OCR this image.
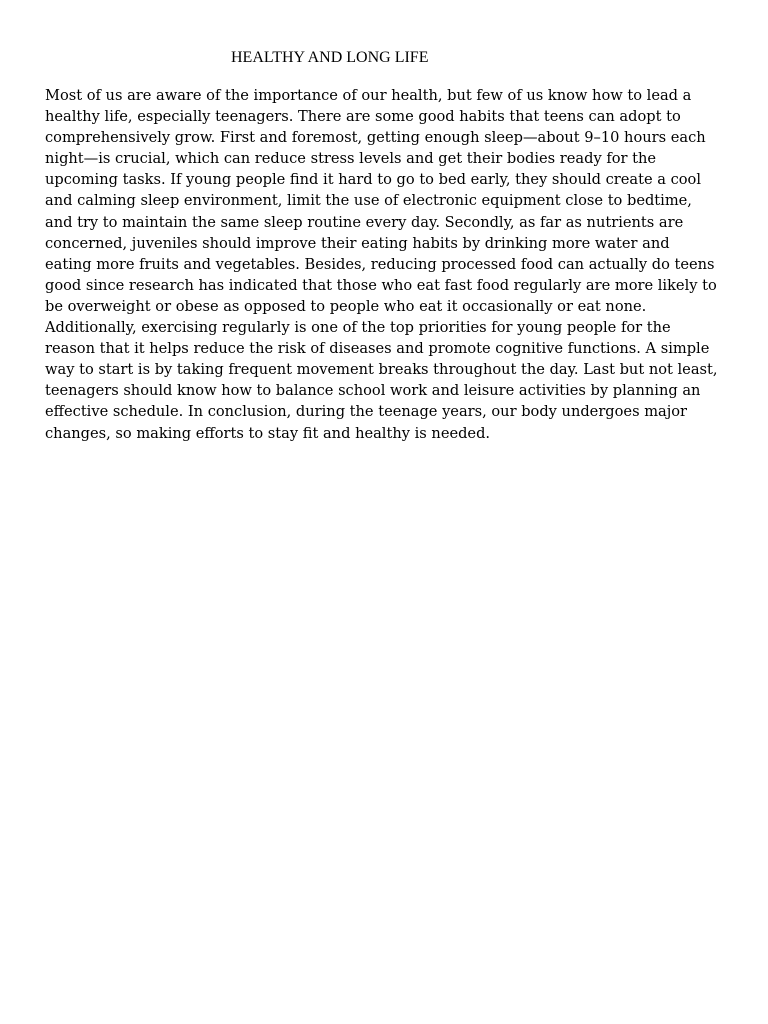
HEALTHY AND LONG LIFE

Most of us are aware of the importance of our health, but few of us know how to lead a
healthy life, especially teenagers. There are some good habits that teens can adopt to
comprehensively grow. First and foremost, getting enough sleep—about 9–10 hours each
night—is crucial, which can reduce stress levels and get their bodies ready for the
upcoming tasks. If young people find it hard to go to bed early, they should create a cool
and calming sleep environment, limit the use of electronic equipment close to bedtime,
and try to maintain the same sleep routine every day. Secondly, as far as nutrients are
concerned, juveniles should improve their eating habits by drinking more water and
eating more fruits and vegetables. Besides, reducing processed food can actually do teens
good since research has indicated that those who eat fast food regularly are more likely to
be overweight or obese as opposed to people who eat it occasionally or eat none.
Additionally, exercising regularly is one of the top priorities for young people for the
reason that it helps reduce the risk of diseases and promote cognitive functions. A simple
way to start is by taking frequent movement breaks throughout the day. Last but not least,
teenagers should know how to balance school work and leisure activities by planning an
effective schedule. In conclusion, during the teenage years, our body undergoes major
changes, so making efforts to stay fit and healthy is needed.
